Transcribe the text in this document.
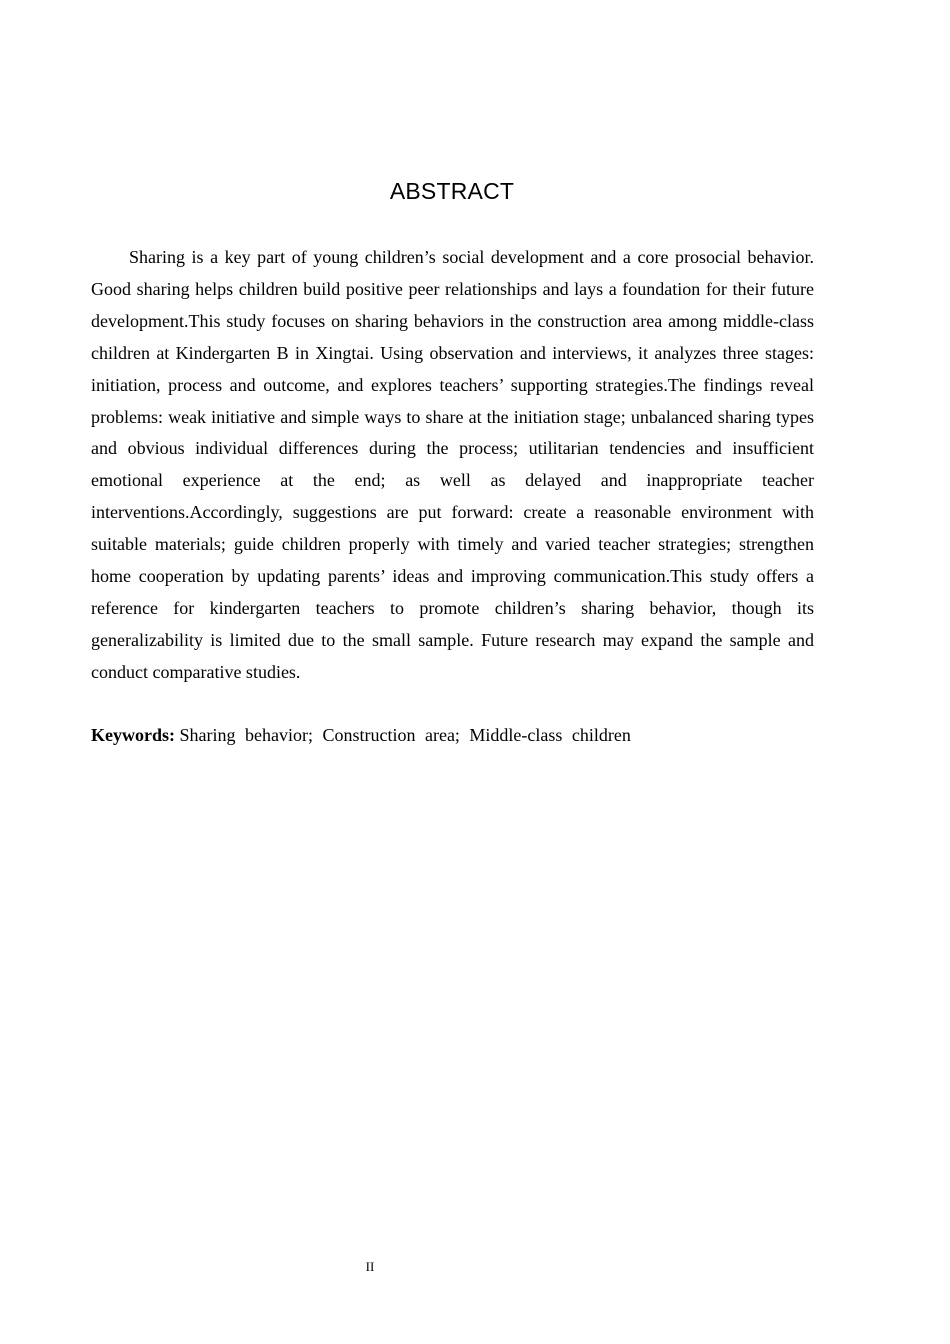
ABSTRACT

Sharing is a key part of young children’s social development and a core prosocial behavior. Good sharing helps children build positive peer relationships and lays a foundation for their future development.This study focuses on sharing behaviors in the construction area among middle-class children at Kindergarten B in Xingtai. Using observation and interviews, it analyzes three stages: initiation, process and outcome, and explores teachers’ supporting strategies.The findings reveal problems: weak initiative and simple ways to share at the initiation stage; unbalanced sharing types and obvious individual differences during the process; utilitarian tendencies and insufficient emotional experience at the end; as well as delayed and inappropriate teacher interventions.Accordingly, suggestions are put forward: create a reasonable environment with suitable materials; guide children properly with timely and varied teacher strategies; strengthen home cooperation by updating parents’ ideas and improving communication.This study offers a reference for kindergarten teachers to promote children’s sharing behavior, though its generalizability is limited due to the small sample. Future research may expand the sample and conduct comparative studies.

Keywords: Sharing behavior; Construction area; Middle-class children
II
